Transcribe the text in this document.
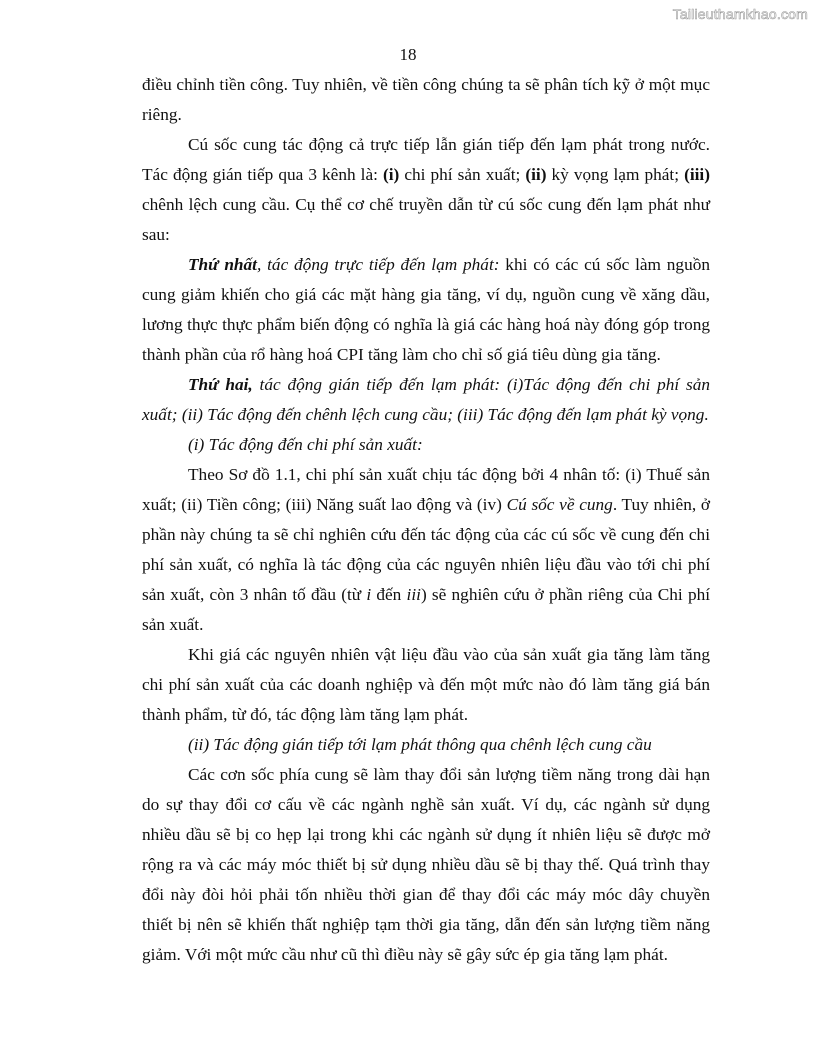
Tailieuthamkhao.com
18

điều chỉnh tiền công. Tuy nhiên, về tiền công chúng ta sẽ phân tích kỹ ở một mục riêng.

Cú sốc cung tác động cả trực tiếp lẫn gián tiếp đến lạm phát trong nước. Tác động gián tiếp qua 3 kênh là: (i) chi phí sản xuất; (ii) kỳ vọng lạm phát; (iii) chênh lệch cung cầu. Cụ thể cơ chế truyền dẫn từ cú sốc cung đến lạm phát như sau:

Thứ nhất, tác động trực tiếp đến lạm phát: khi có các cú sốc làm nguồn cung giảm khiến cho giá các mặt hàng gia tăng, ví dụ, nguồn cung về xăng dầu, lương thực thực phẩm biến động có nghĩa là giá các hàng hoá này đóng góp trong thành phần của rổ hàng hoá CPI tăng làm cho chỉ số giá tiêu dùng gia tăng.

Thứ hai, tác động gián tiếp đến lạm phát: (i)Tác động đến chi phí sản xuất; (ii) Tác động đến chênh lệch cung cầu; (iii) Tác động đến lạm phát kỳ vọng.

(i) Tác động đến chi phí sản xuất:

Theo Sơ đồ 1.1, chi phí sản xuất chịu tác động bởi 4 nhân tố: (i) Thuế sản xuất; (ii) Tiền công; (iii) Năng suất lao động và (iv) Cú sốc về cung. Tuy nhiên, ở phần này chúng ta sẽ chỉ nghiên cứu đến tác động của các cú sốc về cung đến chi phí sản xuất, có nghĩa là tác động của các nguyên nhiên liệu đầu vào tới chi phí sản xuất, còn 3 nhân tố đầu (từ i đến iii) sẽ nghiên cứu ở phần riêng của Chi phí sản xuất.

Khi giá các nguyên nhiên vật liệu đầu vào của sản xuất gia tăng làm tăng chi phí sản xuất của các doanh nghiệp và đến một mức nào đó làm tăng giá bán thành phẩm, từ đó, tác động làm tăng lạm phát.

(ii) Tác động gián tiếp tới lạm phát thông qua chênh lệch cung cầu

Các cơn sốc phía cung sẽ làm thay đổi sản lượng tiềm năng trong dài hạn do sự thay đổi cơ cấu về các ngành nghề sản xuất. Ví dụ, các ngành sử dụng nhiều dầu sẽ bị co hẹp lại trong khi các ngành sử dụng ít nhiên liệu sẽ được mở rộng ra và các máy móc thiết bị sử dụng nhiều dầu sẽ bị thay thế. Quá trình thay đổi này đòi hỏi phải tốn nhiều thời gian để thay đổi các máy móc dây chuyền thiết bị nên sẽ khiến thất nghiệp tạm thời gia tăng, dẫn đến sản lượng tiềm năng giảm. Với một mức cầu như cũ thì điều này sẽ gây sức ép gia tăng lạm phát.
